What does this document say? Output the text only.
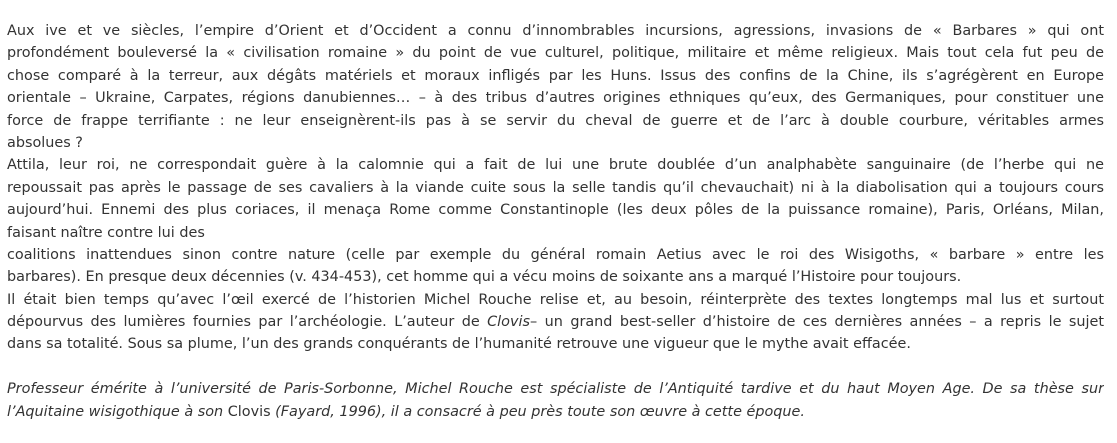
Aux ive et ve siècles, l’empire d’Orient et d’Occident a connu d’innombrables incursions, agressions, invasions de « Barbares » qui ont
profondément bouleversé la « civilisation romaine » du point de vue culturel, politique, militaire et même religieux. Mais tout cela fut peu de
chose comparé à la terreur, aux dégâts matériels et moraux infligés par les Huns. Issus des confins de la Chine, ils s’agrégèrent en Europe
orientale – Ukraine, Carpates, régions danubiennes… – à des tribus d’autres origines ethniques qu’eux, des Germaniques, pour constituer une
force de frappe terrifiante : ne leur enseignèrent-ils pas à se servir du cheval de guerre et de l’arc à double courbure, véritables armes
absolues ?
Attila, leur roi, ne correspondait guère à la calomnie qui a fait de lui une brute doublée d’un analphabète sanguinaire (de l’herbe qui ne
repoussait pas après le passage de ses cavaliers à la viande cuite sous la selle tandis qu’il chevauchait) ni à la diabolisation qui a toujours cours
aujourd’hui. Ennemi des plus coriaces, il menaça Rome comme Constantinople (les deux pôles de la puissance romaine), Paris, Orléans, Milan,
faisant naître contre lui des
coalitions inattendues sinon contre nature (celle par exemple du général romain Aetius avec le roi des Wisigoths, « barbare » entre les
barbares). En presque deux décennies (v. 434-453), cet homme qui a vécu moins de soixante ans a marqué l’Histoire pour toujours.
Il était bien temps qu’avec l’œil exercé de l’historien Michel Rouche relise et, au besoin, réinterprète des textes longtemps mal lus et surtout
dépourvus des lumières fournies par l’archéologie. L’auteur de Clovis– un grand best-seller d’histoire de ces dernières années – a repris le sujet
dans sa totalité. Sous sa plume, l’un des grands conquérants de l’humanité retrouve une vigueur que le mythe avait effacée.
Professeur émérite à l’université de Paris-Sorbonne, Michel Rouche est spécialiste de l’Antiquité tardive et du haut Moyen Age. De sa thèse sur
l’Aquitaine wisigothique à son Clovis (Fayard, 1996), il a consacré à peu près toute son œuvre à cette époque.
